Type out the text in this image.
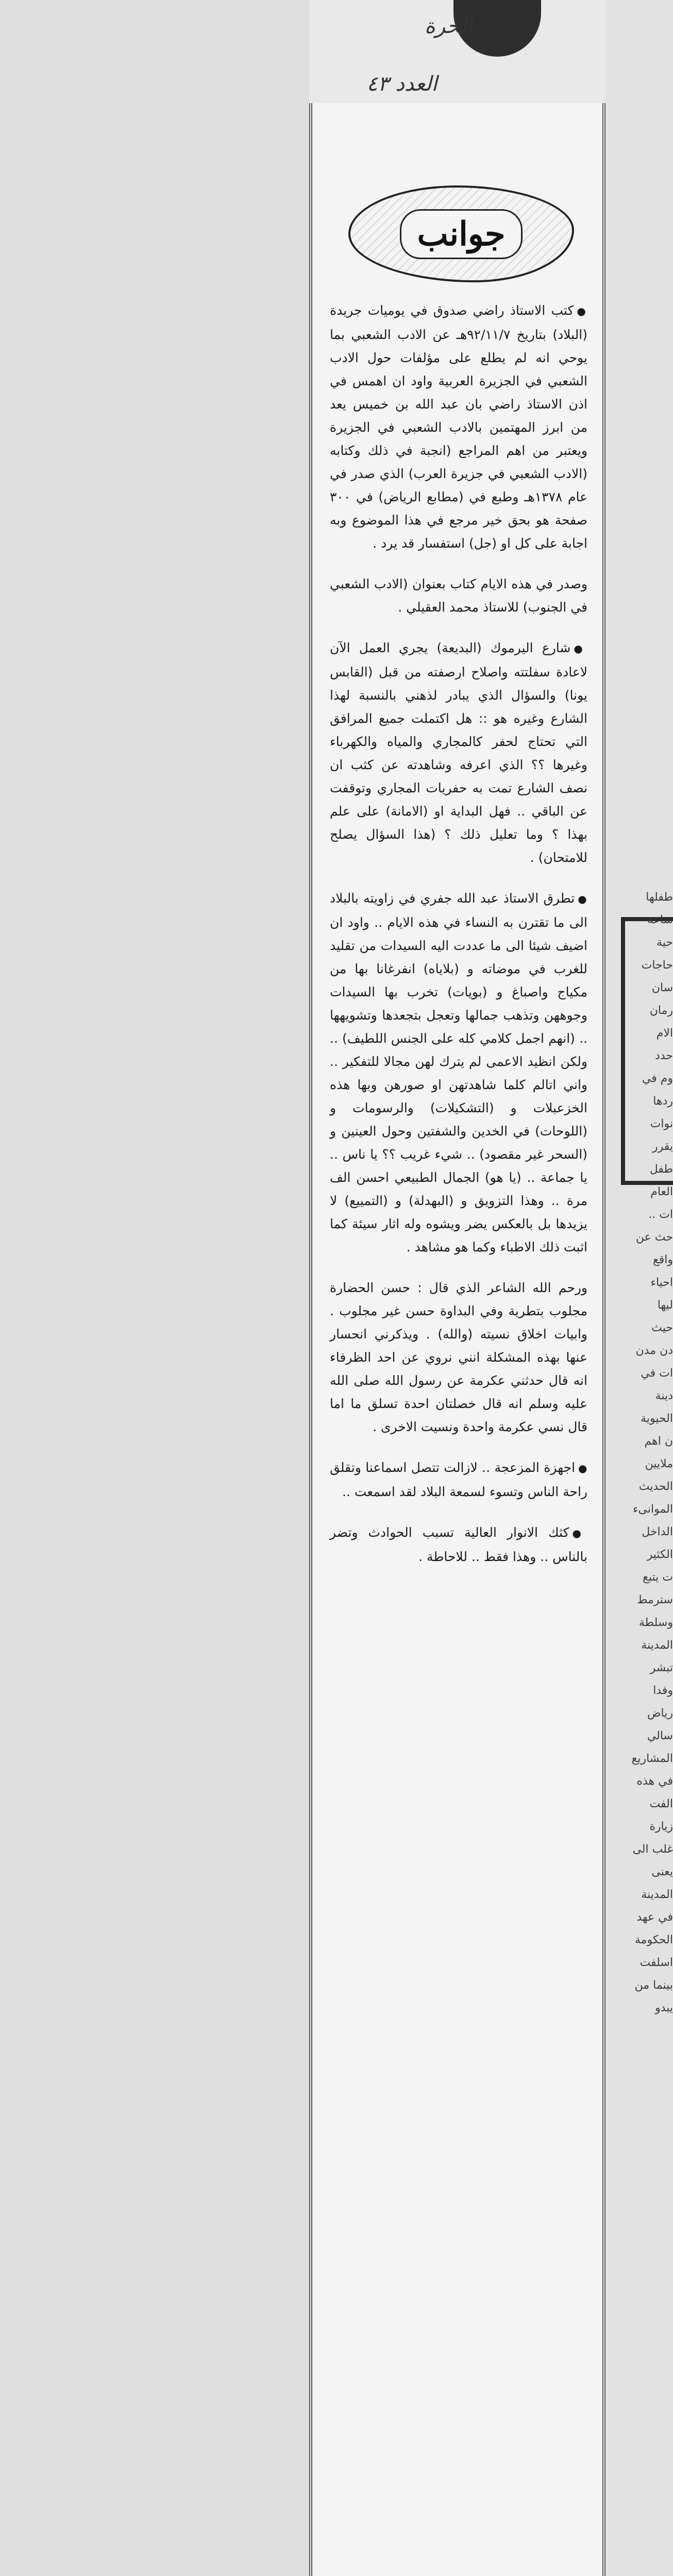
الحرة
العدد ٤٣
جوانب

●كتب الاستاذ راضي صدوق في يوميات جريدة (البلاد) بتاريخ ٩٢/١١/٧هـ عن الادب الشعبي بما يوحي انه لم يطلع على مؤلفات حول الادب الشعبي في الجزيرة العربية واود ان اهمس في اذن الاستاذ راضي بان عبد الله بن خميس يعد من ابرز المهتمين بالادب الشعبي في الجزيرة ويعتبر من اهم المراجع (انجبة في ذلك وكتابه (الادب الشعبي في جزيرة العرب) الذي صدر في عام ١٣٧٨هـ وطبع في (مطابع الرياض) في ٣٠٠ صفحة هو بحق خير مرجع في هذا الموضوع وبه اجابة على كل او (جل) استفسار قد يرد .

وصدر في هذه الايام كتاب بعنوان (الادب الشعبي في الجنوب) للاستاذ محمد العقيلي .

●شارع اليرموك (البديعة) يجري العمل الآن لاعادة سفلتته واصلاح ارصفته من قبل (القابس يونا) والسؤال الذي يبادر لذهني بالنسبة لهذا الشارع وغيره هو :: هل اكتملت جميع المرافق التي تحتاج لحفر كالمجاري والمياه والكهرباء وغيرها ؟؟ الذي اعرفه وشاهدته عن كثب ان نصف الشارع تمت به حفريات المجاري وتوقفت عن الباقي .. فهل البداية او (الامانة) على علم بهذا ؟ وما تعليل ذلك ؟ (هذا السؤال يصلح للامتحان) .

●تطرق الاستاذ عبد الله جفري في زاويته بالبلاد الى ما تقترن به النساء في هذه الايام .. واود ان اضيف شيئا الى ما عددت اليه السيدات من تقليد للغرب في موضاته و (بلاياه) انفرغانا بها من مكياج واصباغ و (بويات) تخرب بها السيدات وجوههن وتذهب جمالها وتعجل بتجعدها وتشويهها .. (انهم اجمل كلامي كله على الجنس اللطيف) .. ولكن انظيد الاعمى لم يترك لهن مجالا للتفكير .. واني اتالم كلما شاهدتهن او صورهن وبها هذه الخزعبلات و (التشكيلات) والرسومات و (اللوحات) في الخدين والشفتين وحول العينين و (السحر غير مقصود) .. شيء غريب ؟؟ يا ناس .. يا جماعة .. (يا هو) الجمال الطبيعي احسن الف مرة .. وهذا التزويق و (البهدلة) و (التمييع) لا يزيدها بل بالعكس يضر ويشوه وله اثار سيئة كما اثبت ذلك الاطباء وكما هو مشاهد .

ورحم الله الشاعر الذي قال : حسن الحضارة مجلوب بتطرية وفي البداوة حسن غير مجلوب . وابيات اخلاق نسيته (والله) . ويذكرني انحسار عنها بهذه المشكلة انني نروي عن احد الظرفاء انه قال حدثني عكرمة عن رسول الله صلى الله عليه وسلم انه قال خصلتان احدة تسلق ما اما قال نسي عكرمة واحدة ونسيت الاخرى .

●اجهزة المزعجة .. لازالت تتصل اسماعنا وتقلق راحة الناس وتسوء لسمعة البلاد لقد اسمعت ..

●كثك الانوار العالية تسبب الحوادث وتضر بالناس .. وهذا فقط .. للاحاطة .

طفلها
ساعة
حية
حاجات
سان
رمان
الام
حدد
وم في
ردها
نوات
يقرر
طفل
العام
ات ..
حث عن
واقع
احياء
ليها
حيث
دن مدن
ات في
دينة
الحيوية
ن اهم
ملايين
الحديث
الموانىء
الداخل
الكثير
ت يتبع
سترمط
وسلطة
المدينة
تبشر
وفدا
رياض
سالي
المشاريع
في هذه
الفت
زيارة
غلب الى
يعنى
المدينة
في عهد
الحكومة
اسلفت
بينما من
يبدو
